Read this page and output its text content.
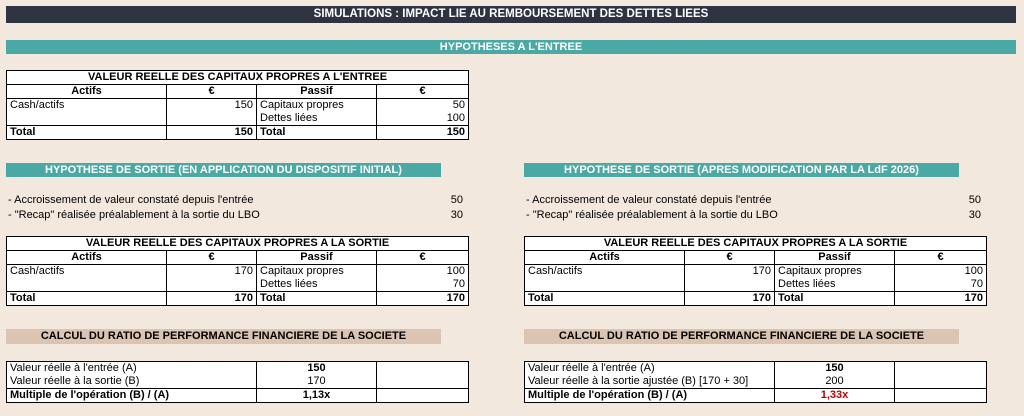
SIMULATIONS : IMPACT LIE AU REMBOURSEMENT DES DETTES LIEES
HYPOTHESES A L'ENTREE
VALEUR REELLE DES CAPITAUX PROPRES A L'ENTREE			
Actifs	€	Passif	€
Cash/actifs	150	Capitaux propres	50
		Dettes liées	100
Total	150	Total	150
HYPOTHESE DE SORTIE (EN APPLICATION DU DISPOSITIF INITIAL)
- Accroissement de valeur constaté depuis l'entrée	50
- "Recap" réalisée préalablement à la sortie du LBO	30
VALEUR REELLE DES CAPITAUX PROPRES A LA SORTIE			
Actifs	€	Passif	€
Cash/actifs	170	Capitaux propres	100
		Dettes liées	70
Total	170	Total	170
CALCUL DU RATIO DE PERFORMANCE FINANCIERE DE LA SOCIETE
Valeur réelle à l'entrée (A)	150	
Valeur réelle à la sortie (B)	170	
Multiple de l'opération (B) / (A)	1,13x	
HYPOTHESE DE SORTIE (APRES MODIFICATION PAR LA LdF 2026)
- Accroissement de valeur constaté depuis l'entrée	50
- "Recap" réalisée préalablement à la sortie du LBO	30
VALEUR REELLE DES CAPITAUX PROPRES A LA SORTIE			
Actifs	€	Passif	€
Cash/actifs	170	Capitaux propres	100
		Dettes liées	70
Total	170	Total	170
CALCUL DU RATIO DE PERFORMANCE FINANCIERE DE LA SOCIETE
Valeur réelle à l'entrée (A)	150	
Valeur réelle à la sortie ajustée (B) [170 + 30]	200	
Multiple de l'opération (B) / (A)	1,33x	
